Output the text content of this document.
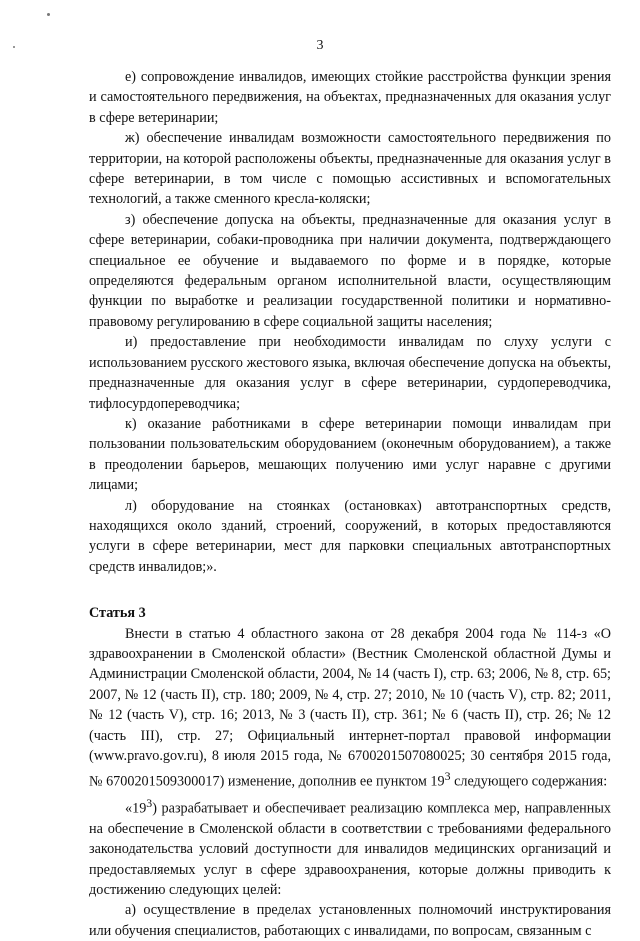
3

е) сопровождение инвалидов, имеющих стойкие расстройства функции зрения и самостоятельного передвижения, на объектах, предназначенных для оказания услуг в сфере ветеринарии;

ж) обеспечение инвалидам возможности самостоятельного передвижения по территории, на которой расположены объекты, предназначенные для оказания услуг в сфере ветеринарии, в том числе с помощью ассистивных и вспомогательных технологий, а также сменного кресла-коляски;

з) обеспечение допуска на объекты, предназначенные для оказания услуг в сфере ветеринарии, собаки-проводника при наличии документа, подтверждающего специальное ее обучение и выдаваемого по форме и в порядке, которые определяются федеральным органом исполнительной власти, осуществляющим функции по выработке и реализации государственной политики и нормативно-правовому регулированию в сфере социальной защиты населения;

и) предоставление при необходимости инвалидам по слуху услуги с использованием русского жестового языка, включая обеспечение допуска на объекты, предназначенные для оказания услуг в сфере ветеринарии, сурдопереводчика, тифлосурдопереводчика;

к) оказание работниками в сфере ветеринарии помощи инвалидам при пользовании пользовательским оборудованием (оконечным оборудованием), а также в преодолении барьеров, мешающих получению ими услуг наравне с другими лицами;

л) оборудование на стоянках (остановках) автотранспортных средств, находящихся около зданий, строений, сооружений, в которых предоставляются услуги в сфере ветеринарии, мест для парковки специальных автотранспортных средств инвалидов;».

Статья 3

Внести в статью 4 областного закона от 28 декабря 2004 года № 114-з «О здравоохранении в Смоленской области» (Вестник Смоленской областной Думы и Администрации Смоленской области, 2004, № 14 (часть I), стр. 63; 2006, № 8, стр. 65; 2007, № 12 (часть II), стр. 180; 2009, № 4, стр. 27; 2010, № 10 (часть V), стр. 82; 2011, № 12 (часть V), стр. 16; 2013, № 3 (часть II), стр. 361; № 6 (часть II), стр. 26; № 12 (часть III), стр. 27; Официальный интернет-портал правовой информации (www.pravo.gov.ru), 8 июля 2015 года, № 6700201507080025; 30 сентября 2015 года, № 6700201509300017) изменение, дополнив ее пунктом $19^3$ следующего содержания:

«$19^3$) разрабатывает и обеспечивает реализацию комплекса мер, направленных на обеспечение в Смоленской области в соответствии с требованиями федерального законодательства условий доступности для инвалидов медицинских организаций и предоставляемых услуг в сфере здравоохранения, которые должны приводить к достижению следующих целей:

а) осуществление в пределах установленных полномочий инструктирования или обучения специалистов, работающих с инвалидами, по вопросам, связанным с
